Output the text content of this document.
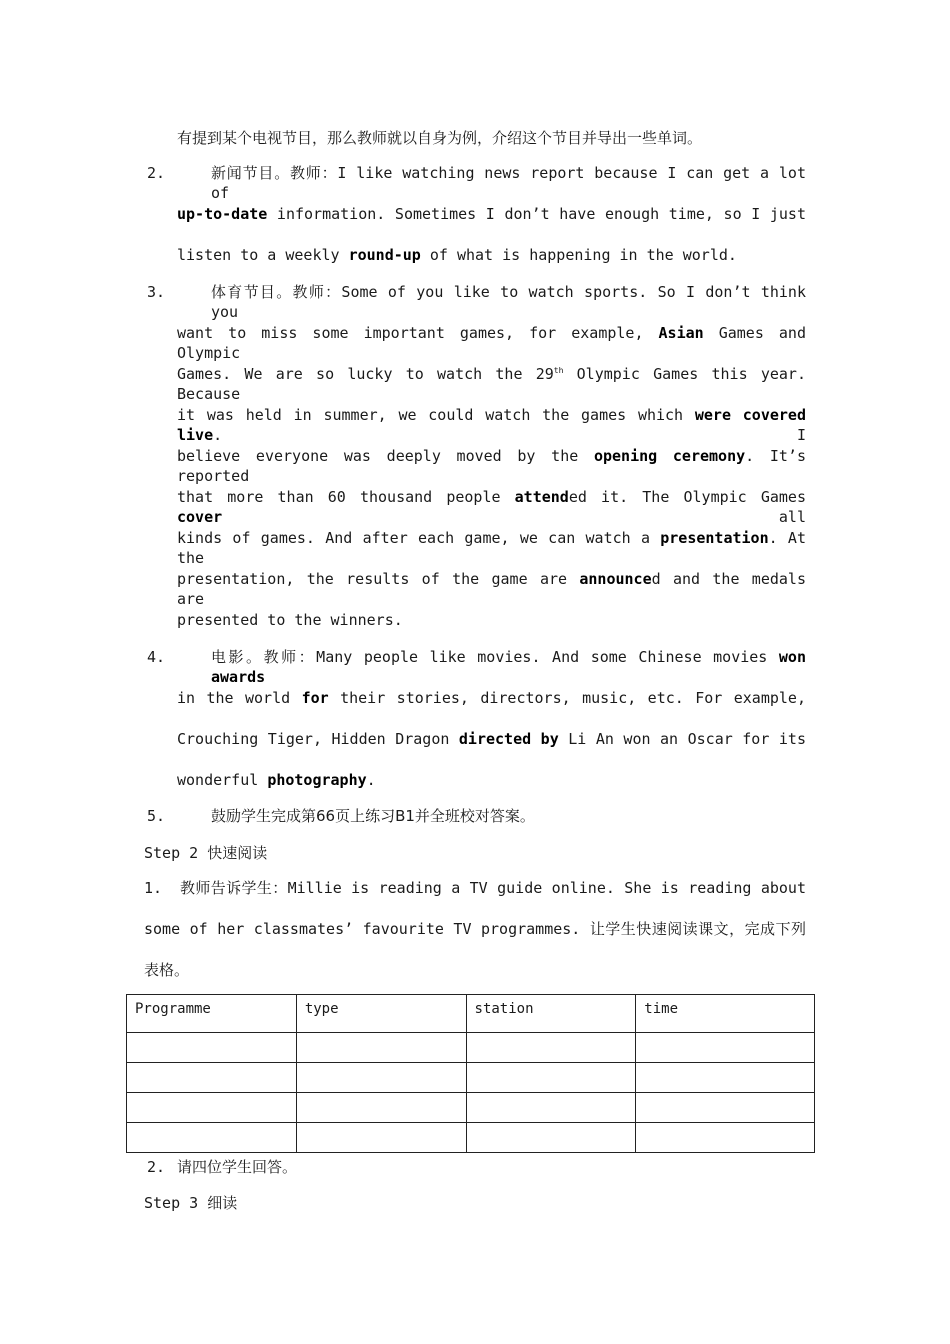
有提到某个电视节目，那么教师就以自身为例，介绍这个节目并导出一些单词。
2.	新闻节目。教师：I like watching news report because I can get a lot of
up-to-date information. Sometimes I don’t have enough time, so I just
listen to a weekly round-up of what is happening in the world.
3.	体育节目。教师：Some of you like to watch sports. So I don’t think you
want to miss some important games, for example, Asian Games and Olympic
Games. We are so lucky to watch the 29th Olympic Games this year. Because
it was held in summer, we could watch the games which were covered live. I
believe everyone was deeply moved by the opening ceremony. It’s reported
that more than 60 thousand people attended it. The Olympic Games cover all
kinds of games. And after each game, we can watch a presentation. At the
presentation, the results of the game are announced and the medals are
presented to the winners.
4.	电影。教师：Many people like movies. And some Chinese movies won awards
in the world for their stories, directors, music, etc. For example,
Crouching Tiger, Hidden Dragon directed by Li An won an Oscar for its
wonderful photography.
5.	鼓励学生完成第66页上练习B1并全班校对答案。
Step 2 快速阅读
1. 教师告诉学生：Millie is reading a TV guide online. She is reading about
some of her classmates’ favourite TV programmes. 让学生快速阅读课文，完成下列
表格。
Programme	type	station	time

2. 请四位学生回答。
Step 3 细读
